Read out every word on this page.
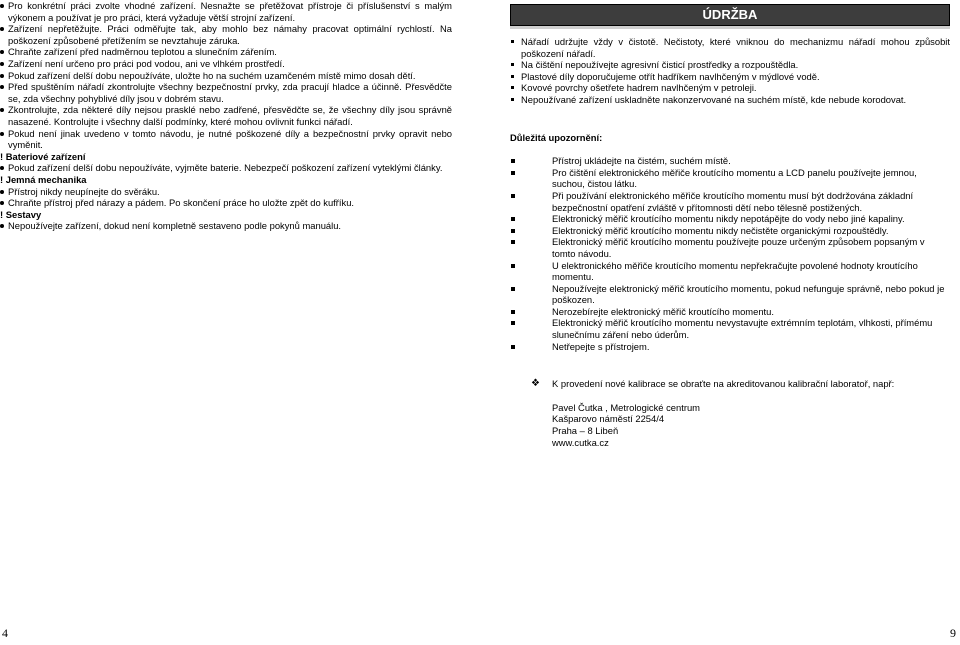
Pro konkrétní práci zvolte vhodné zařízení. Nesnažte se přetěžovat přístroje či příslušenství s malým výkonem a používat je pro práci, která vyžaduje větší strojní zařízení.
Zařízení nepřetěžujte. Práci odměřujte tak, aby mohlo bez námahy pracovat optimální rychlostí. Na poškození způsobené přetížením se nevztahuje záruka.
Chraňte zařízení před nadměrnou teplotou a slunečním zářením.
Zařízení není určeno pro práci pod vodou, ani ve vlhkém prostředí.
Pokud zařízení delší dobu nepoužíváte, uložte ho na suchém uzamčeném místě mimo dosah dětí.
Před spuštěním nářadí zkontrolujte všechny bezpečnostní prvky, zda pracují hladce a účinně. Přesvědčte se, zda všechny pohyblivé díly jsou v dobrém stavu.
Zkontrolujte, zda některé díly nejsou prasklé nebo zadřené, přesvědčte se, že všechny díly jsou správně nasazené. Kontrolujte i všechny další podmínky, které mohou ovlivnit funkci nářadí.
Pokud není jinak uvedeno v tomto návodu, je nutné poškozené díly a bezpečnostní prvky opravit nebo vyměnit.

! Bateriové zařízení

Pokud zařízení delší dobu nepoužíváte, vyjměte baterie. Nebezpečí poškození zařízení vyteklými články.

! Jemná mechanika

Přístroj nikdy neupínejte do svěráku.
Chraňte přístroj před nárazy a pádem. Po skončení práce ho uložte zpět do kufříku.

! Sestavy

Nepoužívejte zařízení, dokud není kompletně sestaveno podle pokynů manuálu.
ÚDRŽBA
Nářadí udržujte vždy v čistotě. Nečistoty, které vniknou do mechanizmu nářadí mohou způsobit poškození nářadí.
Na čištění nepoužívejte agresivní čisticí prostředky a rozpouštědla.
Plastové díly doporučujeme otřít hadříkem navlhčeným v mýdlové vodě.
Kovové povrchy ošetřete hadrem navlhčeným v petroleji.
Nepoužívané zařízení uskladněte nakonzervované na suchém místě, kde nebude korodovat.
Důležitá upozornění:
Přístroj ukládejte na čistém, suchém místě.
Pro čištění elektronického měřiče kroutícího momentu a LCD panelu používejte jemnou, suchou, čistou látku.
Při používání elektronického měřiče kroutícího momentu musí být dodržována základní bezpečnostní opatření zvláště v přítomnosti dětí nebo tělesně postižených.
Elektronický měřič kroutícího momentu nikdy nepotápějte do vody nebo jiné kapaliny.
Elektronický měřič kroutícího momentu nikdy nečistěte organickými rozpouštědly.
Elektronický měřič kroutícího momentu používejte pouze určeným způsobem popsaným v tomto návodu.
U elektronického měřiče kroutícího momentu nepřekračujte povolené hodnoty kroutícího momentu.
Nepoužívejte elektronický měřič kroutícího momentu, pokud nefunguje správně, nebo pokud je poškozen.
Nerozebírejte elektronický měřič kroutícího momentu.
Elektronický měřič kroutícího momentu nevystavujte extrémním teplotám, vlhkosti, přímému slunečnímu záření nebo úderům.
Netřepejte s přístrojem.
❖ K provedení nové kalibrace se obraťte na akreditovanou kalibrační laboratoř, např:
Pavel Čutka , Metrologické centrum
Kašparovo náměstí 2254/4
Praha – 8 Libeň
www.cutka.cz
4	9
